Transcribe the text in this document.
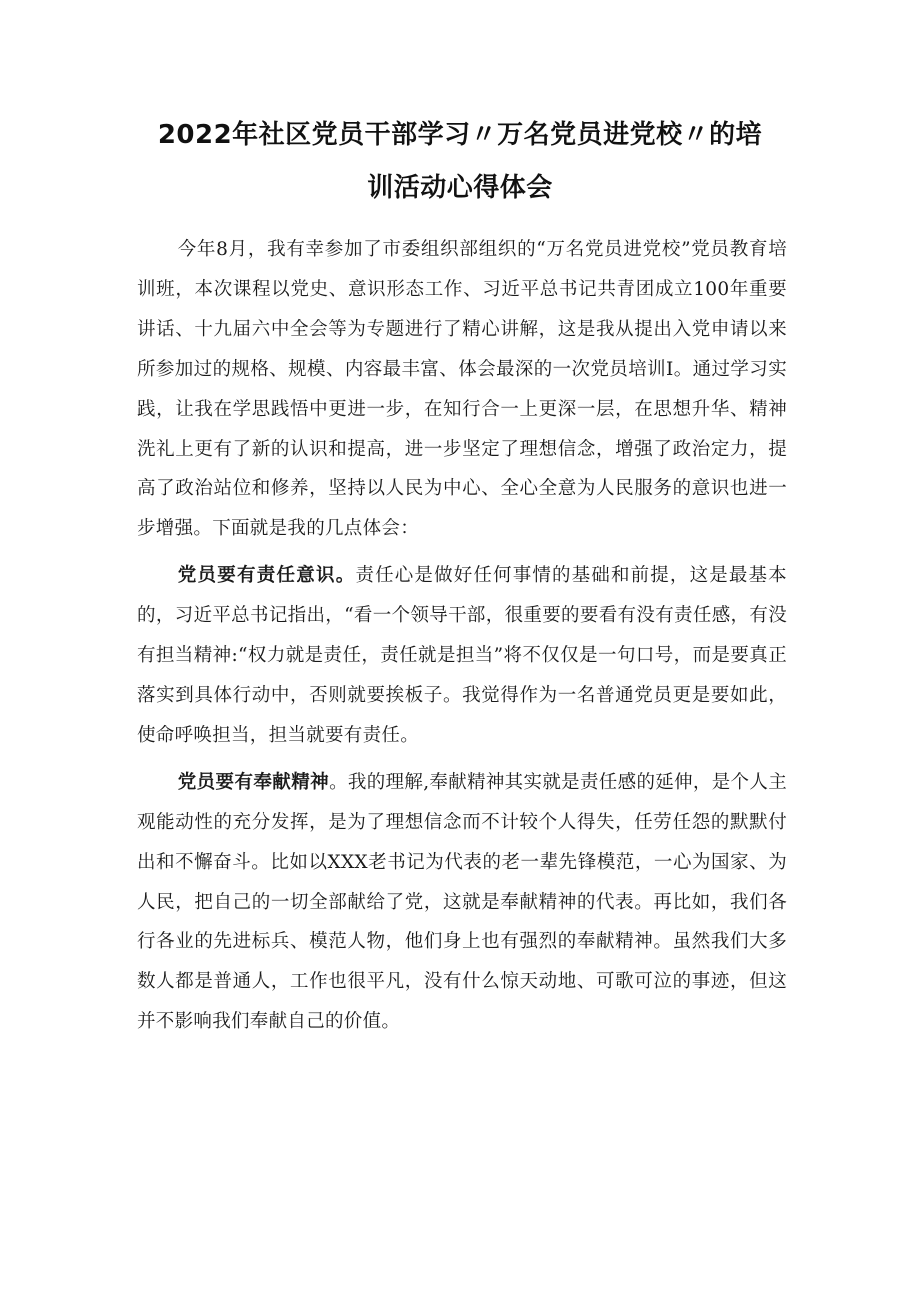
2022年社区党员干部学习〃万名党员进党校〃的培
训活动心得体会

今年8月，我有幸参加了市委组织部组织的“万名党员进党校”党员教育培训班，本次课程以党史、意识形态工作、习近平总书记共青团成立100年重要讲话、十九届六中全会等为专题进行了精心讲解，这是我从提出入党申请以来所参加过的规格、规模、内容最丰富、体会最深的一次党员培训I。通过学习实践，让我在学思践悟中更进一步，在知行合一上更深一层，在思想升华、精神洗礼上更有了新的认识和提高，进一步坚定了理想信念，增强了政治定力，提高了政治站位和修养，坚持以人民为中心、全心全意为人民服务的意识也进一步增强。下面就是我的几点体会：

党员要有责任意识。责任心是做好任何事情的基础和前提，这是最基本的，习近平总书记指出，“看一个领导干部，很重要的要看有没有责任感，有没有担当精神:“权力就是责任，责任就是担当”将不仅仅是一句口号，而是要真正落实到具体行动中，否则就要挨板子。我觉得作为一名普通党员更是要如此，使命呼唤担当，担当就要有责任。

党员要有奉献精神。我的理解,奉献精神其实就是责任感的延伸，是个人主观能动性的充分发挥，是为了理想信念而不计较个人得失，任劳任怨的默默付出和不懈奋斗。比如以XXX老书记为代表的老一辈先锋模范，一心为国家、为人民，把自己的一切全部献给了党，这就是奉献精神的代表。再比如，我们各行各业的先进标兵、模范人物，他们身上也有强烈的奉献精神。虽然我们大多数人都是普通人，工作也很平凡，没有什么惊天动地、可歌可泣的事迹，但这并不影响我们奉献自己的价值。
